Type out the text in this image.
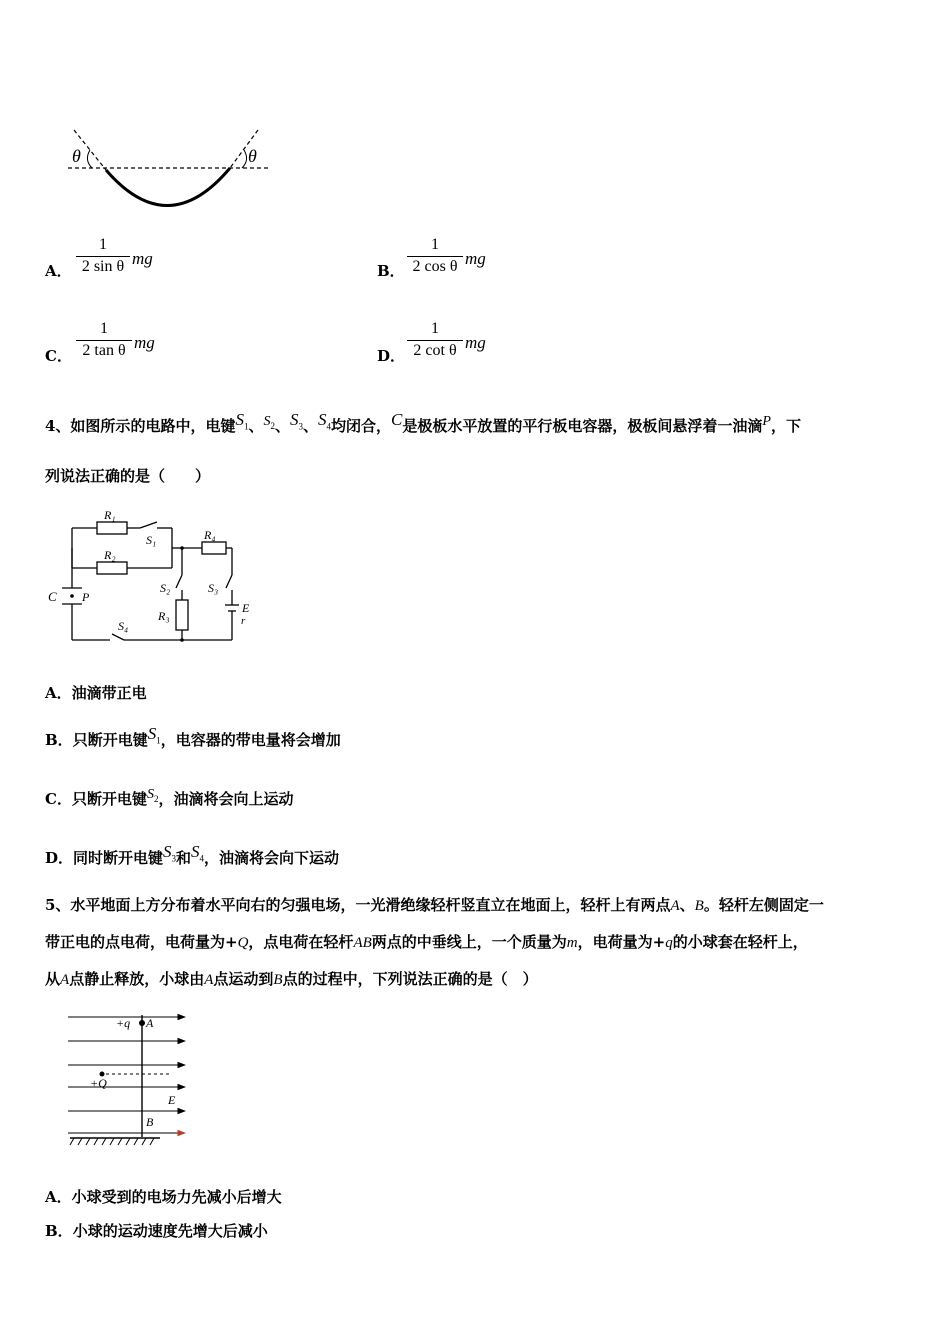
θ	θ
A．
1
2 sin θ mg
B．
1
2 cos θ mg
C．
1
2 tan θ mg
D．
1
2 cot θ mg
4、如图所示的电路中，电键$S_1$、$S_2$、$S_3$、$S_4$均闭合，C是极板水平放置的平行板电容器，极板间悬浮着一油滴P，下
列说法正确的是（　　）
R₁
S₁
R₂
R₄
S₂	S₃
R₃
E
r
S₄
C P
A．油滴带正电
B．只断开电键$S_1$，电容器的带电量将会增加
C．只断开电键$S_2$，油滴将会向上运动
D．同时断开电键$S_3$和$S_4$，油滴将会向下运动
5、水平地面上方分布着水平向右的匀强电场，一光滑绝缘轻杆竖直立在地面上，轻杆上有两点A、B。轻杆左侧固定一
带正电的点电荷，电荷量为+Q，点电荷在轻杆AB两点的中垂线上，一个质量为m，电荷量为+q的小球套在轻杆上，
从A点静止释放，小球由A点运动到B点的过程中，下列说法正确的是（　）
+q A
+Q
E
B
A．小球受到的电场力先减小后增大
B．小球的运动速度先增大后减小
